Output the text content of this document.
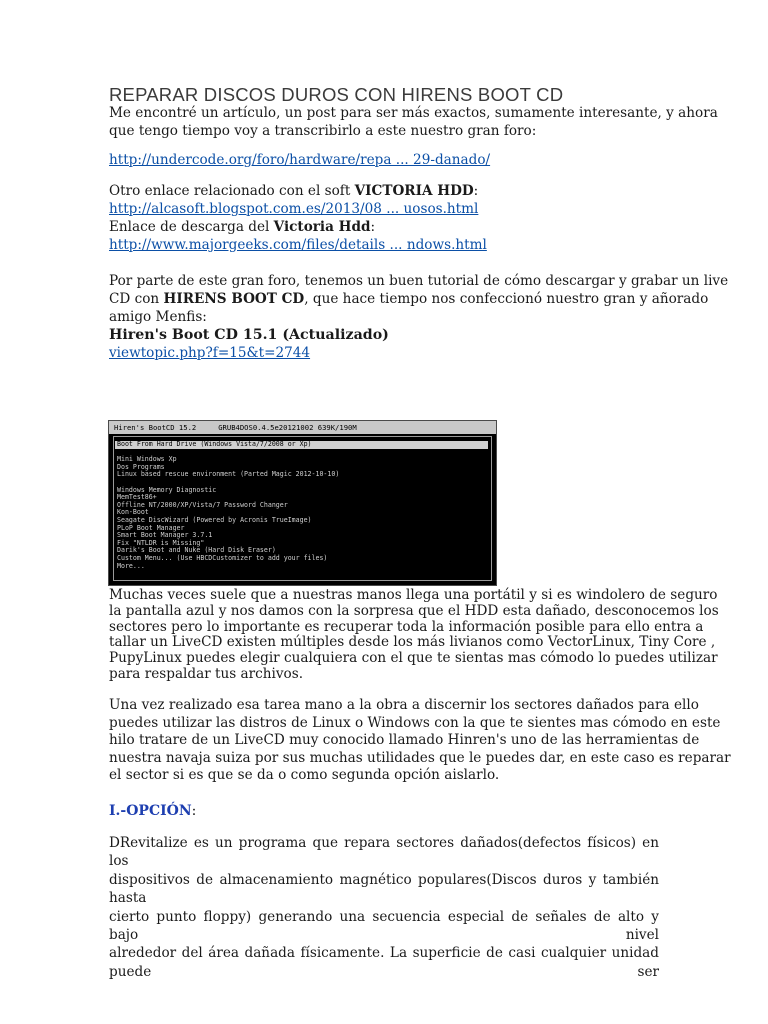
REPARAR DISCOS DUROS CON HIRENS BOOT CD

Me encontré un artículo, un post para ser más exactos, sumamente interesante, y ahora
que tengo tiempo voy a transcribirlo a este nuestro gran foro:

http://undercode.org/foro/hardware/repa ... 29-danado/

Otro enlace relacionado con el soft VICTORIA HDD:
http://alcasoft.blogspot.com.es/2013/08 ... uosos.html
Enlace de descarga del Victoria Hdd:
http://www.majorgeeks.com/files/details ... ndows.html

Por parte de este gran foro, tenemos un buen tutorial de cómo descargar y grabar un live
CD con HIRENS BOOT CD, que hace tiempo nos confeccionó nuestro gran y añorado
amigo Menfis:
Hiren's Boot CD 15.1 (Actualizado)
viewtopic.php?f=15&t=2744

Hiren's BootCD 15.2	GRUB4DOS0.4.5e20121002 639K/190M
Boot From Hard Drive (Windows Vista/7/2008 or Xp)
Mini Windows Xp
Dos Programs
Linux based rescue environment (Parted Magic 2012-10-10)
Windows Memory Diagnostic
MemTest86+
Offline NT/2000/XP/Vista/7 Password Changer
Kon-Boot
Seagate DiscWizard (Powered by Acronis TrueImage)
PLoP Boot Manager
Smart Boot Manager 3.7.1
Fix "NTLDR is Missing"
Darik's Boot and Nuke (Hard Disk Eraser)
Custom Menu... (Use HBCDCustomizer to add your files)
More...

Muchas veces suele que a nuestras manos llega una portátil y si es windolero de seguro
la pantalla azul y nos damos con la sorpresa que el HDD esta dañado, desconocemos los
sectores pero lo importante es recuperar toda la información posible para ello entra a
tallar un LiveCD existen múltiples desde los más livianos como VectorLinux, Tiny Core ,
PupyLinux puedes elegir cualquiera con el que te sientas mas cómodo lo puedes utilizar
para respaldar tus archivos.

Una vez realizado esa tarea mano a la obra a discernir los sectores dañados para ello
puedes utilizar las distros de Linux o Windows con la que te sientes mas cómodo en este
hilo tratare de un LiveCD muy conocido llamado Hinren's uno de las herramientas de
nuestra navaja suiza por sus muchas utilidades que le puedes dar, en este caso es reparar
el sector si es que se da o como segunda opción aislarlo.

I.-OPCIÓN:

DRevitalize es un programa que repara sectores dañados(defectos físicos) en los
dispositivos de almacenamiento magnético populares(Discos duros y también hasta
cierto punto floppy) generando una secuencia especial de señales de alto y bajo nivel
alrededor del área dañada físicamente. La superficie de casi cualquier unidad puede ser
